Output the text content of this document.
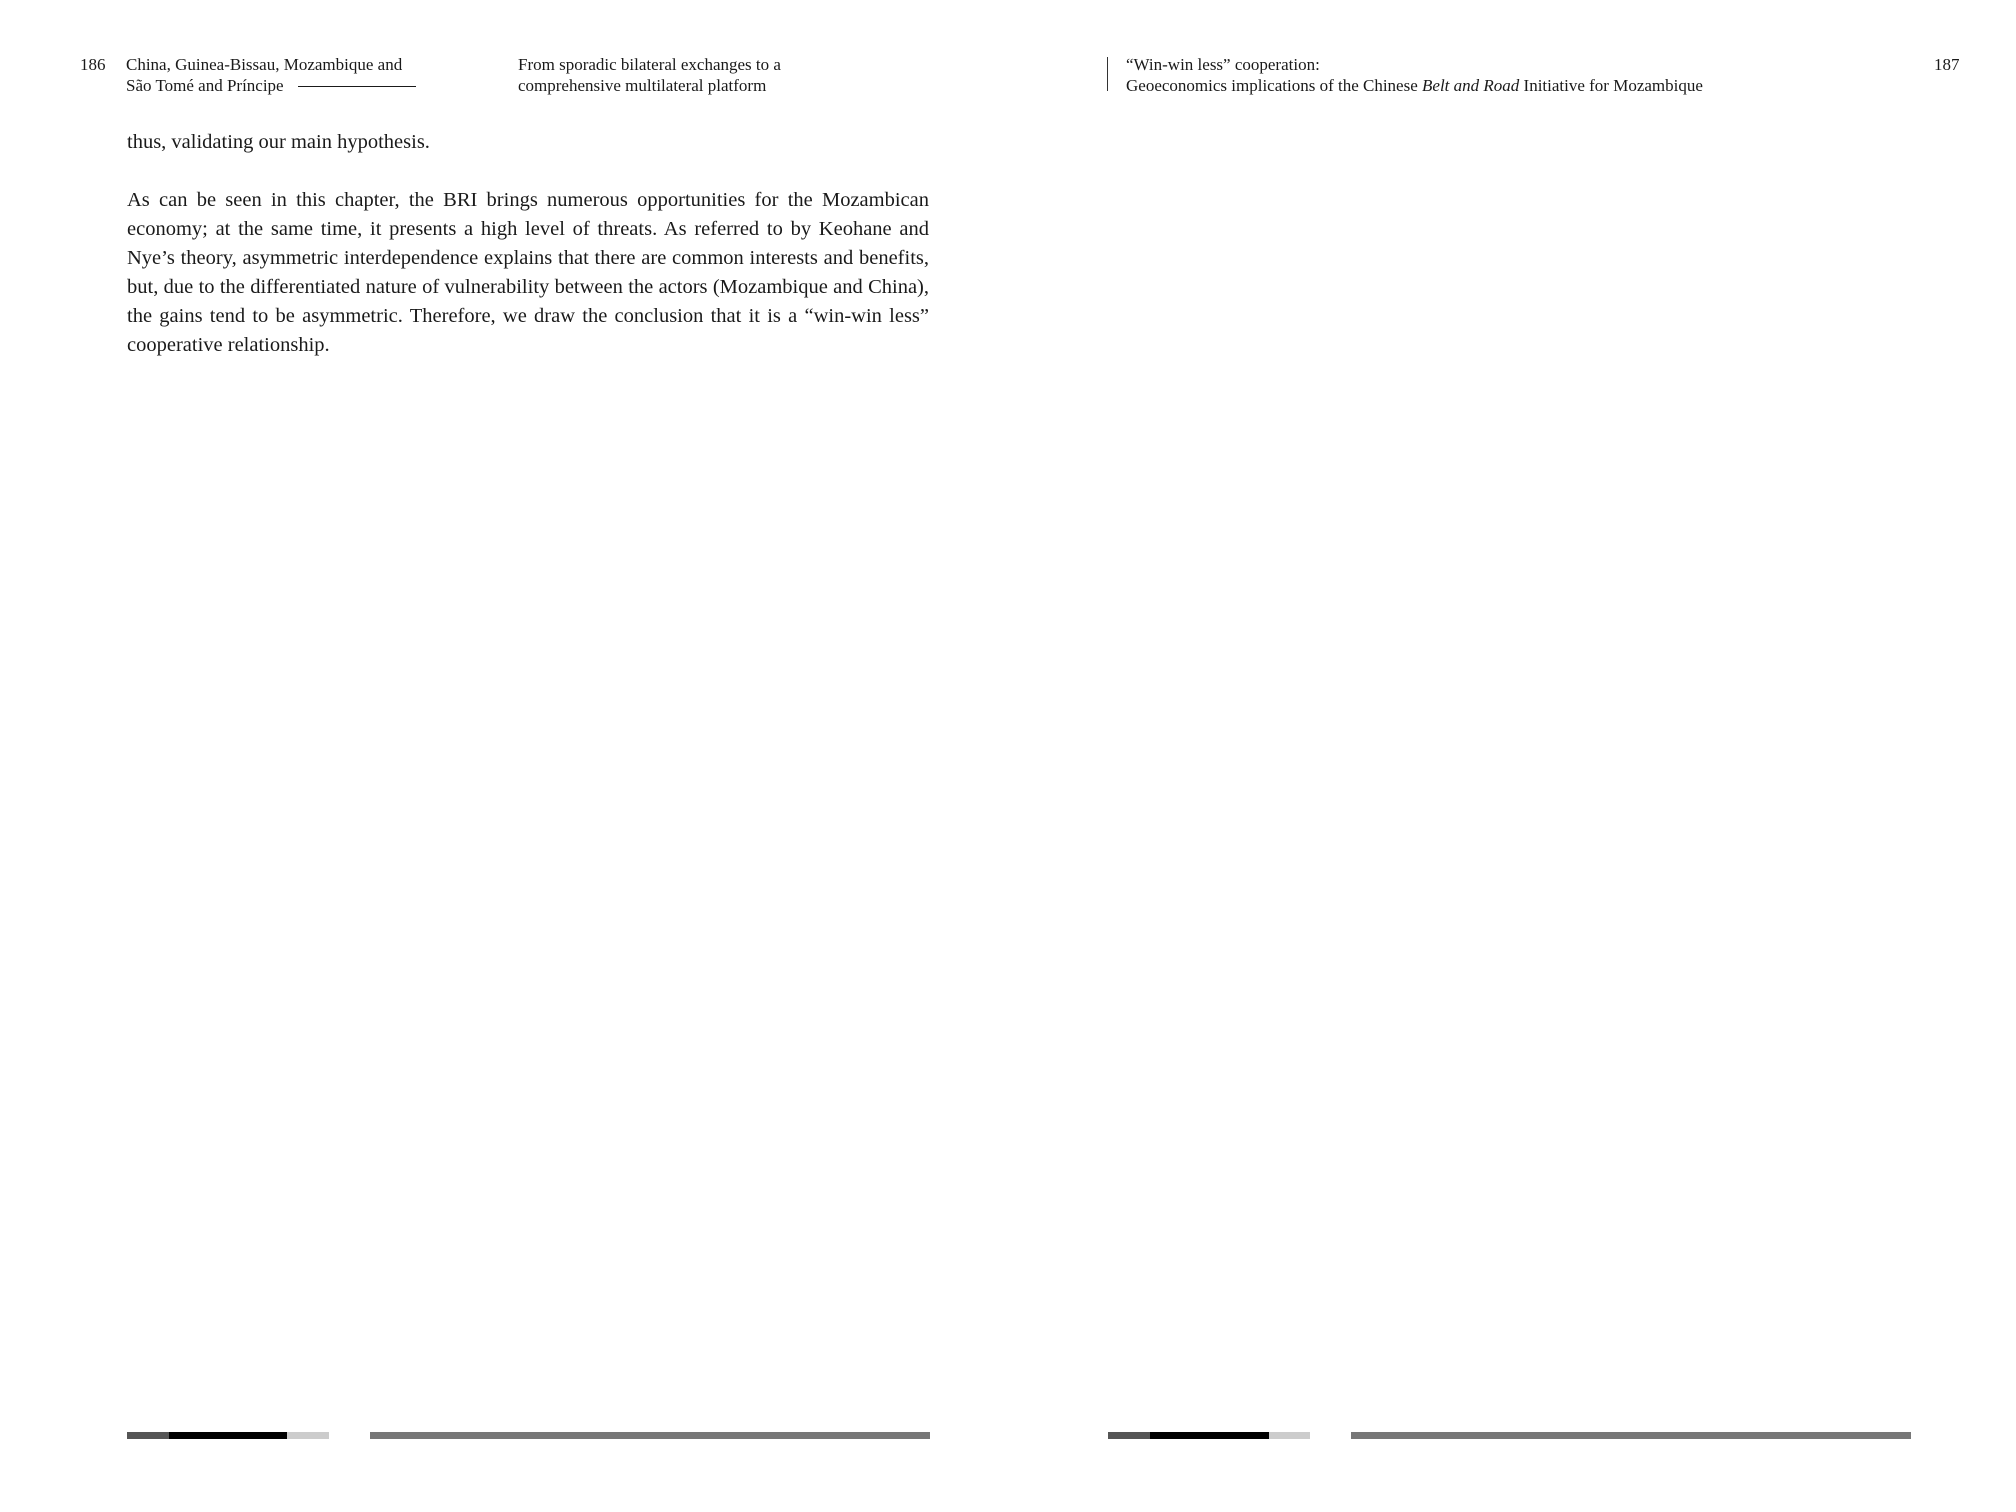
186 China, Guinea-Bissau, Mozambique and
São Tomé and Príncipe
From sporadic bilateral exchanges to a
comprehensive multilateral platform
“Win-win less” cooperation:
Geoeconomics implications of the Chinese Belt and Road Initiative for Mozambique
187

thus, validating our main hypothesis.

As can be seen in this chapter, the BRI brings numerous opportunities for the Mozambican economy; at the same time, it presents a high level of threats. As referred to by Keohane and Nye’s theory, asymmetric interdependence explains that there are common interests and benefits, but, due to the differentiated nature of vulnerability between the actors (Mozambique and China), the gains tend to be asymmetric. Therefore, we draw the conclusion that it is a “win-win less” cooperative relationship.
